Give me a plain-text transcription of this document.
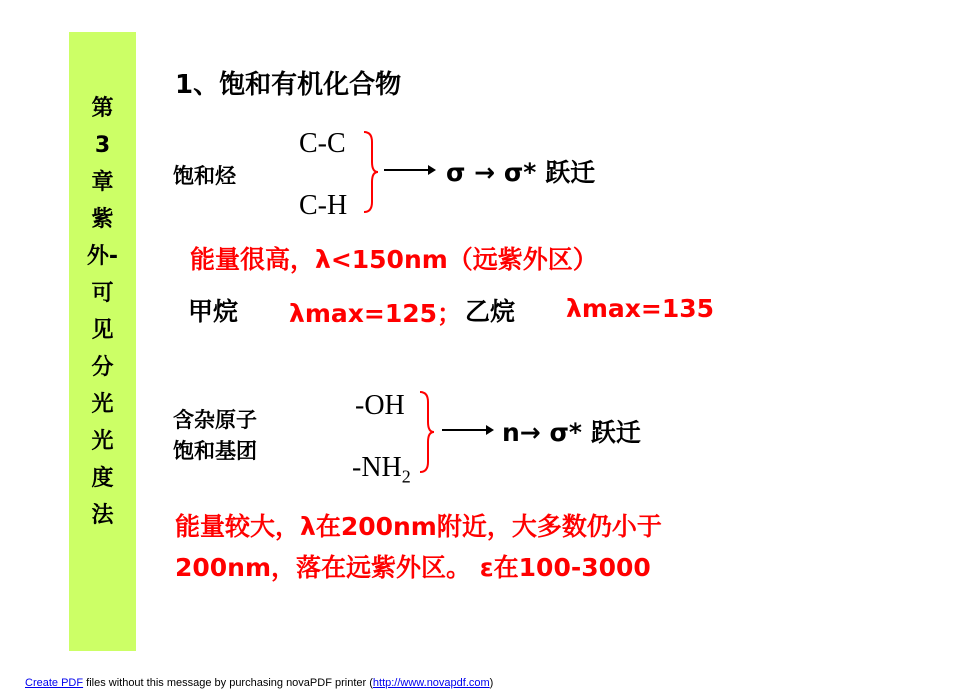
第
3
章
紫
外-
可
见
分
光
光
度
法
1、饱和有机化合物
饱和烃
C-C
C-H
σ → σ* 跃迁
能量很高，λ<150nm（远紫外区）
甲烷 λmax=125； 乙烷 λmax=135
含杂原子
饱和基团
-OH
$-NH_2$
n→ σ* 跃迁
能量较大，λ在200nm附近，大多数仍小于
200nm，落在远紫外区。 ε在100-3000
Create PDF files without this message by purchasing novaPDF printer (http://www.novapdf.com)
